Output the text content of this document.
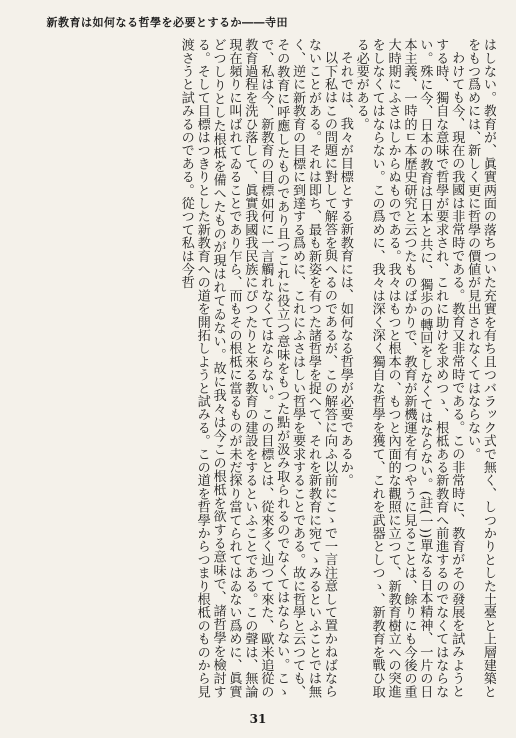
新教育は如何なる哲學を必要とするか――寺田

はしない。教育が、眞實两面の落ちついた充實を有ち且つバラック式で無く、しつかりとした土臺と上層建築とをもつ爲めには、新しく更に哲學の價値が見出されなくてはならない。

わけても今、現在の我國は非常時である。教育又非常時である。この非常時に、教育がその發展を試みようとする時、獨自な意味で哲學が要求され、これに助けを求めつゝ、根柢ある新教育へ前進するのでなくてはならない。殊に今、日本の教育は日本と共に、獨歩の轉回をしなくてはならない。(註(一))單なる日本精神、一片の日本主義、一時的ㄷ本歷史研究と云つたものばかりで、教育が新機運を有つやうに見ることは、餘りにも今後の重大時期にふさはしからぬものである。我々はもつと根本の、もつと內面的な觀照に立つて、新教育樹立への突進をしなくてはならない。この爲めに、我々は深く深く獨自な哲學を獲て、これを武器としつゝ、新教育を戰ひ取る必要がある。

それでは、我々が目標とする新教育には、如何なる哲學が必要であるか。

以下私はこの問題に對して解答を與へるのであるが、この解答に向ふ以前にこゝで一言注意して置かねばならないことがある。それは即ち、最も新姿を有つた諸哲學を捉へて、それを新教育に宛てゝみるといふことでは無く、逆に新教育の目標に到達する爲めに、これにふさはしい哲學を要求することである。故に哲學と云つても、その教育に呼應したものであり且つこれに役立つ意味をもつた點が汲み取られるのでなくてはならない。こゝで、私は今、新教育の目標如何に一言觸れなくてはならない。この目標とは、從來多く辿つて來た、歐米追從の教育過程を洗ひ落して、眞實我國我民族にぴつたりと來る教育の建設をするといふことである。この聲は、無論現在頻りに叫ばれてゐることであり乍ら、而もその根柢に當るものが未だ探り當てられてはゐない爲めに、眞實どつしりとした根柢を備へたものが現はれてゐない。故に我々は今この根柢を欲する意味で、諸哲學を檢討する。そして目標はつきりとした新教育への道を開拓しようと試みる。この道を哲學からつまり根柢のものから見渡さうと試みるのである。從つて私は今哲

31
